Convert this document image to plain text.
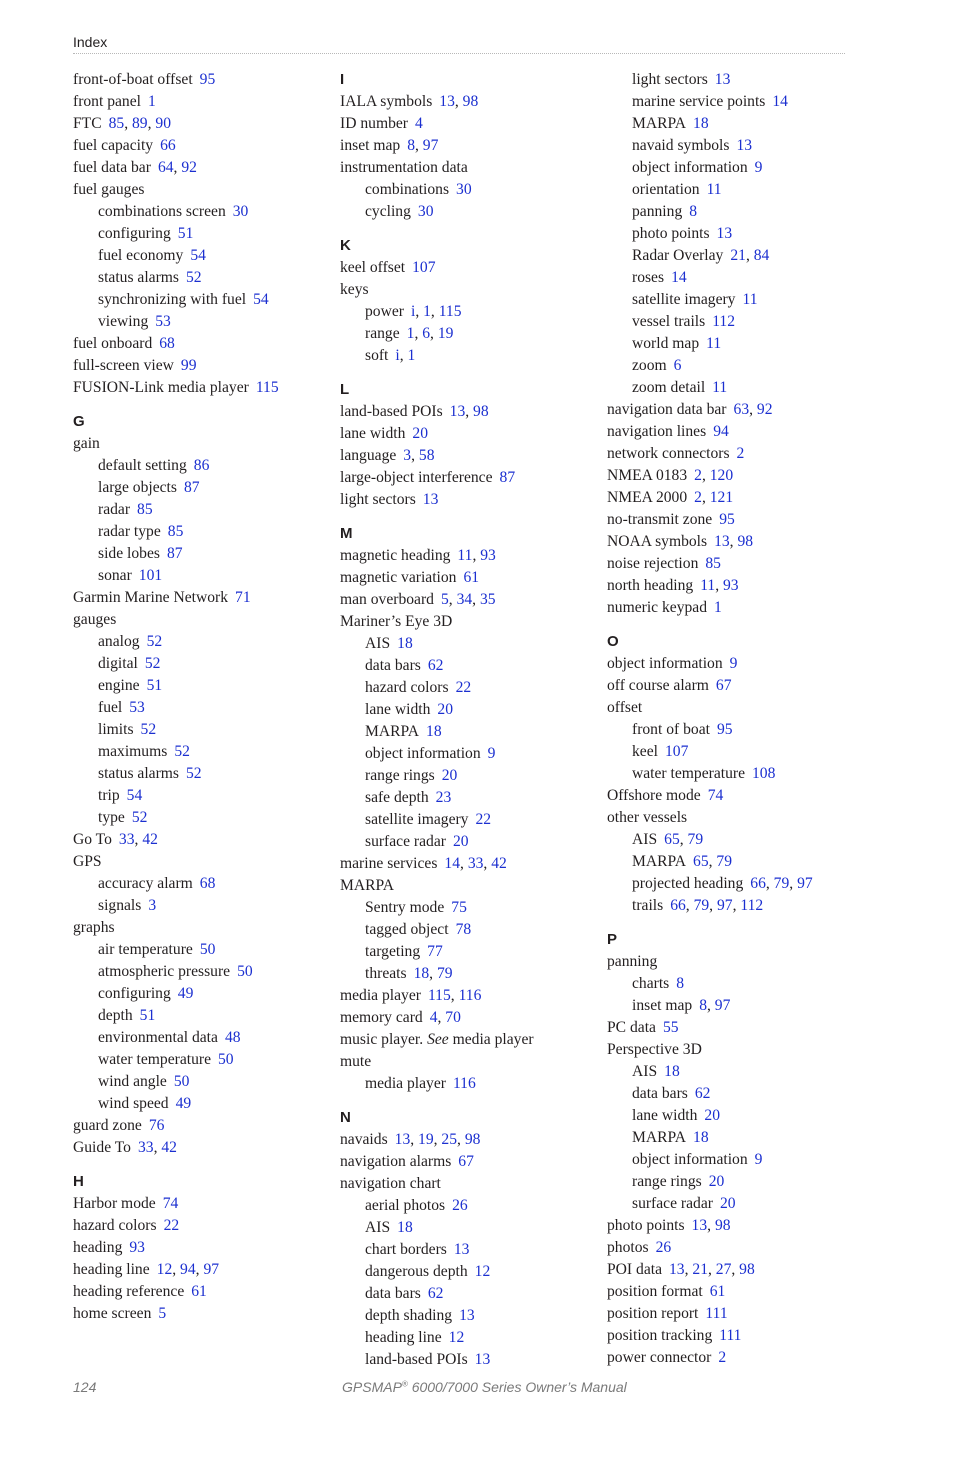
Index
front-of-boat offset 95
front panel 1
FTC 85, 89, 90
fuel capacity 66
fuel data bar 64, 92
fuel gauges
combinations screen 30
configuring 51
fuel economy 54
status alarms 52
synchronizing with fuel 54
viewing 53
fuel onboard 68
full-screen view 99
FUSION-Link media player 115
G
gain
default setting 86
large objects 87
radar 85
radar type 85
side lobes 87
sonar 101
Garmin Marine Network 71
gauges
analog 52
digital 52
engine 51
fuel 53
limits 52
maximums 52
status alarms 52
trip 54
type 52
Go To 33, 42
GPS
accuracy alarm 68
signals 3
graphs
air temperature 50
atmospheric pressure 50
configuring 49
depth 51
environmental data 48
water temperature 50
wind angle 50
wind speed 49
guard zone 76
Guide To 33, 42
H
Harbor mode 74
hazard colors 22
heading 93
heading line 12, 94, 97
heading reference 61
home screen 5
I
IALA symbols 13, 98
ID number 4
inset map 8, 97
instrumentation data
combinations 30
cycling 30
K
keel offset 107
keys
power i, 1, 115
range 1, 6, 19
soft i, 1
L
land-based POIs 13, 98
lane width 20
language 3, 58
large-object interference 87
light sectors 13
M
magnetic heading 11, 93
magnetic variation 61
man overboard 5, 34, 35
Mariner’s Eye 3D
AIS 18
data bars 62
hazard colors 22
lane width 20
MARPA 18
object information 9
range rings 20
safe depth 23
satellite imagery 22
surface radar 20
marine services 14, 33, 42
MARPA
Sentry mode 75
tagged object 78
targeting 77
threats 18, 79
media player 115, 116
memory card 4, 70
music player. See media player
mute
media player 116
N
navaids 13, 19, 25, 98
navigation alarms 67
navigation chart
aerial photos 26
AIS 18
chart borders 13
dangerous depth 12
data bars 62
depth shading 13
heading line 12
land-based POIs 13
light sectors 13
marine service points 14
MARPA 18
navaid symbols 13
object information 9
orientation 11
panning 8
photo points 13
Radar Overlay 21, 84
roses 14
satellite imagery 11
vessel trails 112
world map 11
zoom 6
zoom detail 11
navigation data bar 63, 92
navigation lines 94
network connectors 2
NMEA 0183 2, 120
NMEA 2000 2, 121
no-transmit zone 95
NOAA symbols 13, 98
noise rejection 85
north heading 11, 93
numeric keypad 1
O
object information 9
off course alarm 67
offset
front of boat 95
keel 107
water temperature 108
Offshore mode 74
other vessels
AIS 65, 79
MARPA 65, 79
projected heading 66, 79, 97
trails 66, 79, 97, 112
P
panning
charts 8
inset map 8, 97
PC data 55
Perspective 3D
AIS 18
data bars 62
lane width 20
MARPA 18
object information 9
range rings 20
surface radar 20
photo points 13, 98
photos 26
POI data 13, 21, 27, 98
position format 61
position report 111
position tracking 111
power connector 2
124	GPSMAP® 6000/7000 Series Owner’s Manual
